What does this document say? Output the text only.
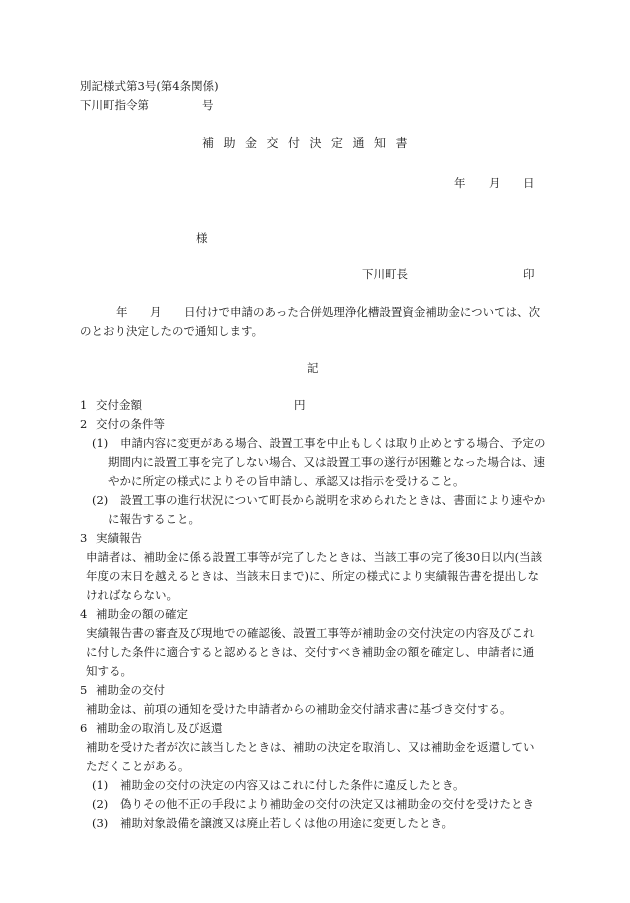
別記様式第3号(第4条関係)
下川町指令第	号
補助金交付決定通知書
年 月 日
様
下川町長	印
年 月 日付けで申請のあった合併処理浄化槽設置資金補助金については、次
のとおり決定したので通知します。
記
1 交付金額	円
2 交付の条件等
(1) 申請内容に変更がある場合、設置工事を中止もしくは取り止めとする場合、予定の
期間内に設置工事を完了しない場合、又は設置工事の遂行が困難となった場合は、速
やかに所定の様式によりその旨申請し、承認又は指示を受けること。
(2) 設置工事の進行状況について町長から説明を求められたときは、書面により速やか
に報告すること。
3 実績報告
申請者は、補助金に係る設置工事等が完了したときは、当該工事の完了後30日以内(当該
年度の末日を越えるときは、当該末日まで)に、所定の様式により実績報告書を提出しな
ければならない。
4 補助金の額の確定
実績報告書の審査及び現地での確認後、設置工事等が補助金の交付決定の内容及びこれ
に付した条件に適合すると認めるときは、交付すべき補助金の額を確定し、申請者に通
知する。
5 補助金の交付
補助金は、前項の通知を受けた申請者からの補助金交付請求書に基づき交付する。
6 補助金の取消し及び返還
補助を受けた者が次に該当したときは、補助の決定を取消し、又は補助金を返還してい
ただくことがある。
(1) 補助金の交付の決定の内容又はこれに付した条件に違反したとき。
(2) 偽りその他不正の手段により補助金の交付の決定又は補助金の交付を受けたとき
(3) 補助対象設備を譲渡又は廃止若しくは他の用途に変更したとき。
